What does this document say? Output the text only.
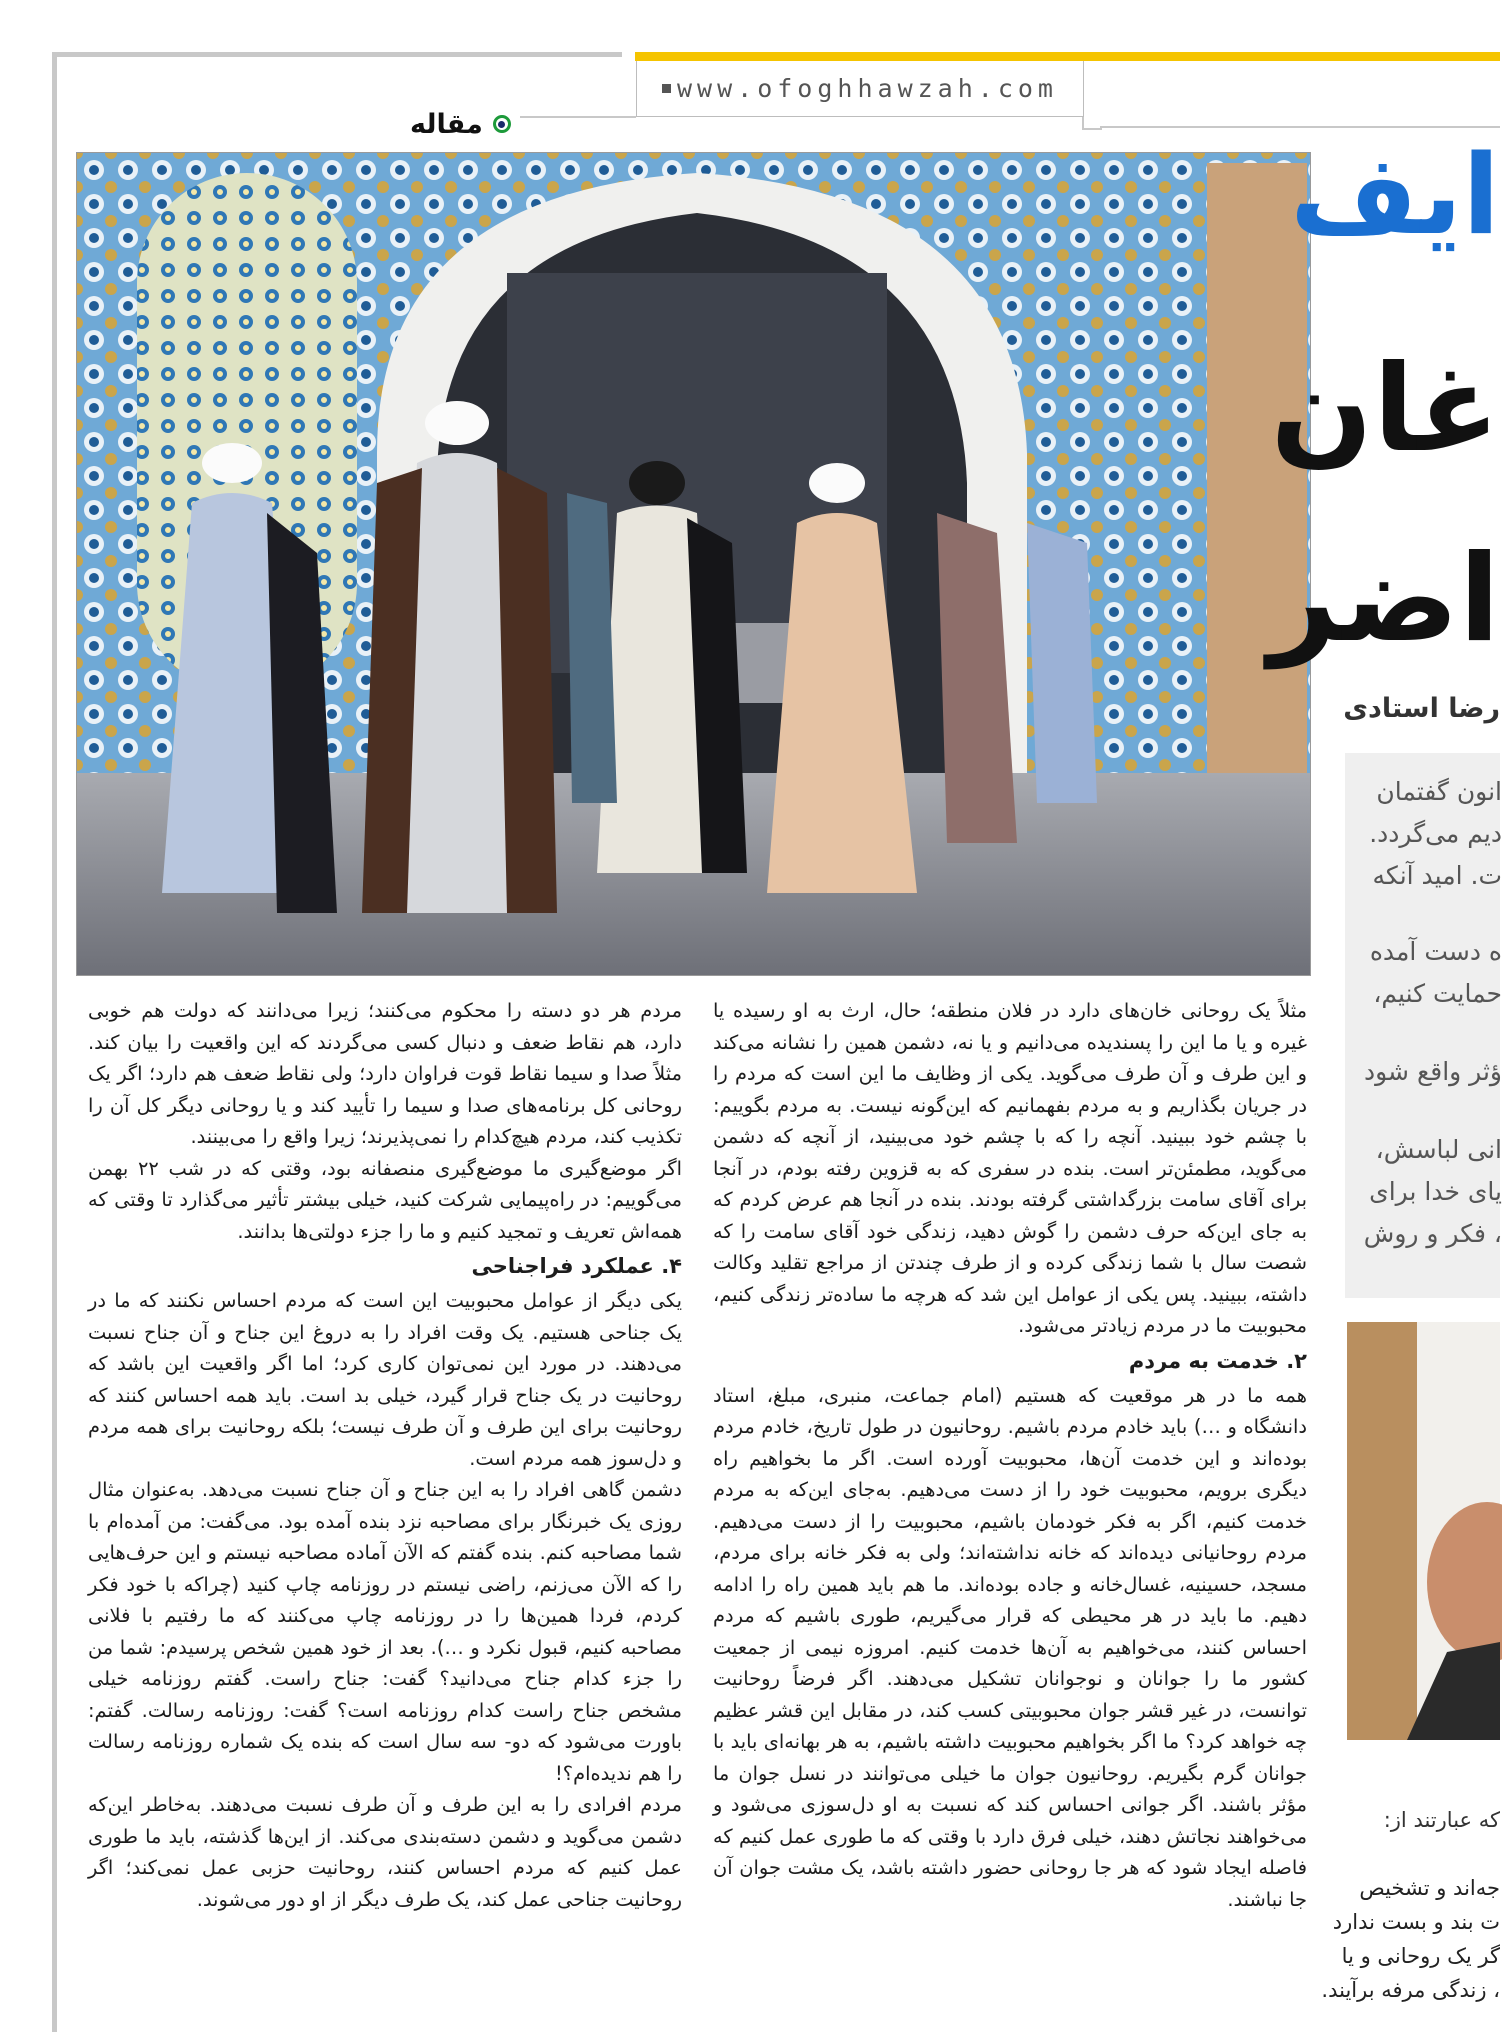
www.ofoghhawzah.com
مقاله
ایف
غان
اضر
رضا استادی

انون گفتمان

دیم می‌گردد.

ت. امید آنکه

ه دست آمده

حمایت کنیم،

ؤثر واقع شود

انی لباسش،

یای خدا برای

، فکر و روش

که عبارتند از:

جه‌اند و تشخیص

ت بند و بست ندارد

گر یک روحانی و یا

، زندگی مرفه برآیند.

مثلاً یک روحانی خان‌های دارد در فلان منطقه؛ حال، ارث به او رسیده یا غیره و یا ما این را پسندیده می‌دانیم و یا نه، دشمن همین را نشانه می‌کند و این طرف و آن طرف می‌گوید. یکی از وظایف ما این است که مردم را در جریان بگذاریم و به مردم بفهمانیم که این‌گونه نیست. به مردم بگوییم: با چشم خود ببینید. آنچه را که با چشم خود می‌بینید، از آنچه که دشمن می‌گوید، مطمئن‌تر است. بنده در سفری که به قزوین رفته بودم، در آنجا برای آقای سامت بزرگداشتی گرفته بودند. بنده در آنجا هم عرض کردم که به جای این‌که حرف دشمن را گوش دهید، زندگی خود آقای سامت را که شصت سال با شما زندگی کرده و از طرف چندتن از مراجع تقلید وکالت داشته، ببینید. پس یکی از عوامل این شد که هرچه ما ساده‌تر زندگی کنیم، محبوبیت ما در مردم زیادتر می‌شود.

۲. خدمت به مردم

همه ما در هر موقعیت که هستیم (امام جماعت، منبری، مبلغ، استاد دانشگاه و …) باید خادم مردم باشیم. روحانیون در طول تاریخ، خادم مردم بوده‌اند و این خدمت آن‌ها، محبوبیت آورده است. اگر ما بخواهیم راه دیگری برویم، محبوبیت خود را از دست می‌دهیم. به‌جای این‌که به مردم خدمت کنیم، اگر به فکر خودمان باشیم، محبوبیت را از دست می‌دهیم. مردم روحانیانی دیده‌اند که خانه نداشته‌اند؛ ولی به فکر خانه برای مردم، مسجد، حسینیه، غسال‌خانه و جاده بوده‌اند. ما هم باید همین راه را ادامه دهیم. ما باید در هر محیطی که قرار می‌گیریم، طوری باشیم که مردم احساس کنند، می‌خواهیم به آن‌ها خدمت کنیم. امروزه نیمی از جمعیت کشور ما را جوانان و نوجوانان تشکیل می‌دهند. اگر فرضاً روحانیت توانست، در غیر قشر جوان محبوبیتی کسب کند، در مقابل این قشر عظیم چه خواهد کرد؟ ما اگر بخواهیم محبوبیت داشته باشیم، به هر بهانه‌ای باید با جوانان گرم بگیریم. روحانیون جوان ما خیلی می‌توانند در نسل جوان ما مؤثر باشند. اگر جوانی احساس کند که نسبت به او دل‌سوزی می‌شود و می‌خواهند نجاتش دهند، خیلی فرق دارد با وقتی که ما طوری عمل کنیم که فاصله ایجاد شود که هر جا روحانی حضور داشته باشد، یک مشت جوان آن جا نباشند.

مردم هر دو دسته را محکوم می‌کنند؛ زیرا می‌دانند که دولت هم خوبی دارد، هم نقاط ضعف و دنبال کسی می‌گردند که این واقعیت را بیان کند. مثلاً صدا و سیما نقاط قوت فراوان دارد؛ ولی نقاط ضعف هم دارد؛ اگر یک روحانی کل برنامه‌های صدا و سیما را تأیید کند و یا روحانی دیگر کل آن را تکذیب کند، مردم هیچ‌کدام را نمی‌پذیرند؛ زیرا واقع را می‌بینند.

اگر موضع‌گیری ما موضع‌گیری منصفانه بود، وقتی که در شب ۲۲ بهمن می‌گوییم: در راه‌پیمایی شرکت کنید، خیلی بیشتر تأثیر می‌گذارد تا وقتی که همه‌اش تعریف و تمجید کنیم و ما را جزء دولتی‌ها بدانند.

۴. عملکرد فراجناحی

یکی دیگر از عوامل محبوبیت این است که مردم احساس نکنند که ما در یک جناحی هستیم. یک وقت افراد را به دروغ این جناح و آن جناح نسبت می‌دهند. در مورد این نمی‌توان کاری کرد؛ اما اگر واقعیت این باشد که روحانیت در یک جناح قرار گیرد، خیلی بد است. باید همه احساس کنند که روحانیت برای این طرف و آن طرف نیست؛ بلکه روحانیت برای همه مردم و دل‌سوز همه مردم است.

دشمن گاهی افراد را به این جناح و آن جناح نسبت می‌دهد. به‌عنوان مثال روزی یک خبرنگار برای مصاحبه نزد بنده آمده بود. می‌گفت: من آمده‌ام با شما مصاحبه کنم. بنده گفتم که الآن آماده مصاحبه نیستم و این حرف‌هایی را که الآن می‌زنم، راضی نیستم در روزنامه چاپ کنید (چراکه با خود فکر کردم، فردا همین‌ها را در روزنامه چاپ می‌کنند که ما رفتیم با فلانی مصاحبه کنیم، قبول نکرد و …). بعد از خود همین شخص پرسیدم: شما من را جزء کدام جناح می‌دانید؟ گفت: جناح راست. گفتم روزنامه خیلی مشخص جناح راست کدام روزنامه است؟ گفت: روزنامه رسالت. گفتم: باورت می‌شود که دو- سه سال است که بنده یک شماره روزنامه رسالت را هم ندیده‌ام؟!

مردم افرادی را به این طرف و آن طرف نسبت می‌دهند. به‌خاطر این‌که دشمن می‌گوید و دشمن دسته‌بندی می‌کند. از این‌ها گذشته، باید ما طوری عمل کنیم که مردم احساس کنند، روحانیت حزبی عمل نمی‌کند؛ اگر روحانیت جناحی عمل کند، یک طرف دیگر از او دور می‌شوند.
